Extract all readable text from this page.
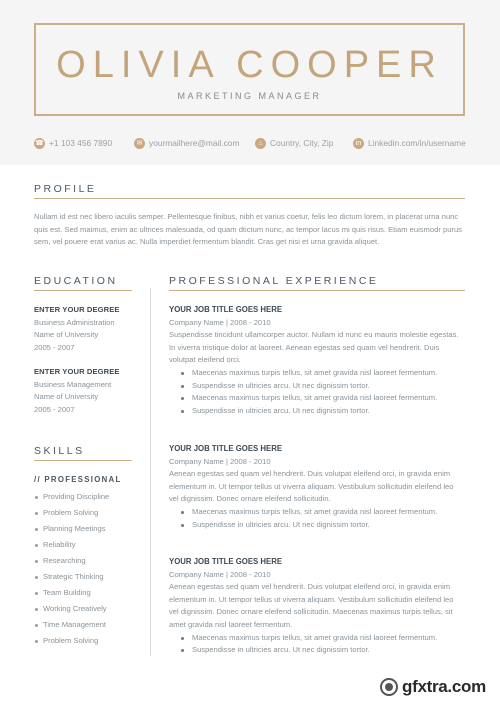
OLIVIA COOPER
MARKETING MANAGER
☎ +1 103 456 7890	✉ yourmailhere@mail.com	⌂ Country, City, Zip	in Linkedin.com/in/username
PROFILE
Nullam id est nec libero iaculis semper. Pellentesque finibus, nibh et varius coetur, felis leo dictum lorem, in placerat urna nunc quis est. Sed maimus, enim ac ultrices malesuada, od quam dtictum nunc, ac tempor lacus mi quis risus. Etiam euismodr purus sem, vel pouere erat varius ac. Nulla imperdiet fermentum blandit. Cras get nisi et urna gravida aliquet.
EDUCATION
ENTER YOUR DEGREE
Business Administration
Name of University
2005 - 2007
ENTER YOUR DEGREE
Business Management
Name of University
2005 - 2007
SKILLS
// PROFESSIONAL
Providing Discipline
Problem Solving
Planning Meetings
Reliability
Researching
Strategic Thinking
Team Building
Working Creatively
Time Management
Problem Solving
PROFESSIONAL EXPERIENCE
YOUR JOB TITLE GOES HERE
Company Name | 2008 - 2010
Suspendisse tincidunt ullamcorper auctor. Nullam id nunc eu mauris molestie egestas. In viverra tristique dolor at laoreet. Aenean egestas sed quam vel hendrerit. Duis volutpat eleifend orci.
Maecenas maximus turpis tellus, sit amet gravida nisl laoreet fermentum.
Suspendisse in ultricies arcu. Ut nec dignissim tortor.
Maecenas maximus turpis tellus, sit amet gravida nisl laoreet fermentum.
Suspendisse in ultricies arcu. Ut nec dignissim tortor.
YOUR JOB TITLE GOES HERE
Company Name | 2008 - 2010
Aenean egestas sed quam vel hendrerit. Duis volutpat eleifend orci, in gravida enim elementum in. Ut tempor tellus ut viverra aliquam. Vestibulum sollicitudin eleifend leo vel dignissim. Donec ornare eleifend sollicitudin.
Maecenas maximus turpis tellus, sit amet gravida nisl laoreet fermentum.
Suspendisse in ultricies arcu. Ut nec dignissim tortor.
YOUR JOB TITLE GOES HERE
Company Name | 2008 - 2010
Aenean egestas sed quam vel hendrerit. Duis volutpat eleifend orci, in gravida enim elementum in. Ut tempor tellus ut viverra aliquam. Vestibulum sollicitudin eleifend leo vel dignissim. Donec ornare eleifend sollicitudin. Maecenas maximus turpis tellus, sit amet gravida nisl laoreet fermentum.
Maecenas maximus turpis tellus, sit amet gravida nisl laoreet fermentum.
Suspendisse in ultricies arcu. Ut nec dignissim tortor.
gfxtra.com
